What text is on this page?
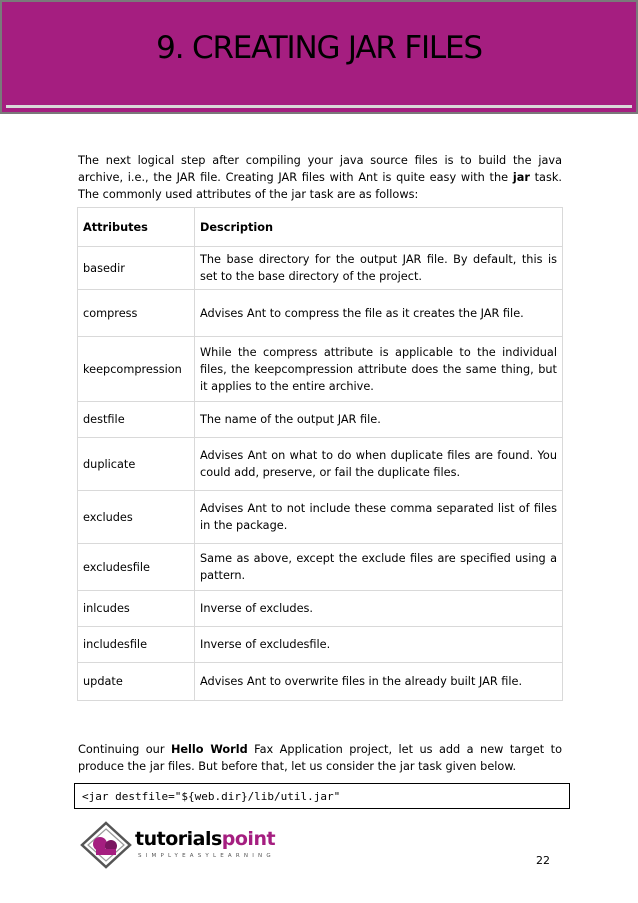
9. CREATING JAR FILES
The next logical step after compiling your java source files is to build the java archive, i.e., the JAR file. Creating JAR files with Ant is quite easy with the jar task. The commonly used attributes of the jar task are as follows:
Attributes	Description
basedir	The base directory for the output JAR file. By default, this is set to the base directory of the project.
compress	Advises Ant to compress the file as it creates the JAR file.
keepcompression	While the compress attribute is applicable to the individual files, the keepcompression attribute does the same thing, but it applies to the entire archive.
destfile	The name of the output JAR file.
duplicate	Advises Ant on what to do when duplicate files are found. You could add, preserve, or fail the duplicate files.
excludes	Advises Ant to not include these comma separated list of files in the package.
excludesfile	Same as above, except the exclude files are specified using a pattern.
inlcudes	Inverse of excludes.
includesfile	Inverse of excludesfile.
update	Advises Ant to overwrite files in the already built JAR file.
Continuing our Hello World Fax Application project, let us add a new target to produce the jar files. But before that, let us consider the jar task given below.
<jar destfile="${web.dir}/lib/util.jar"
tutorialspoint
SIMPLYEASYLEARNING	22
